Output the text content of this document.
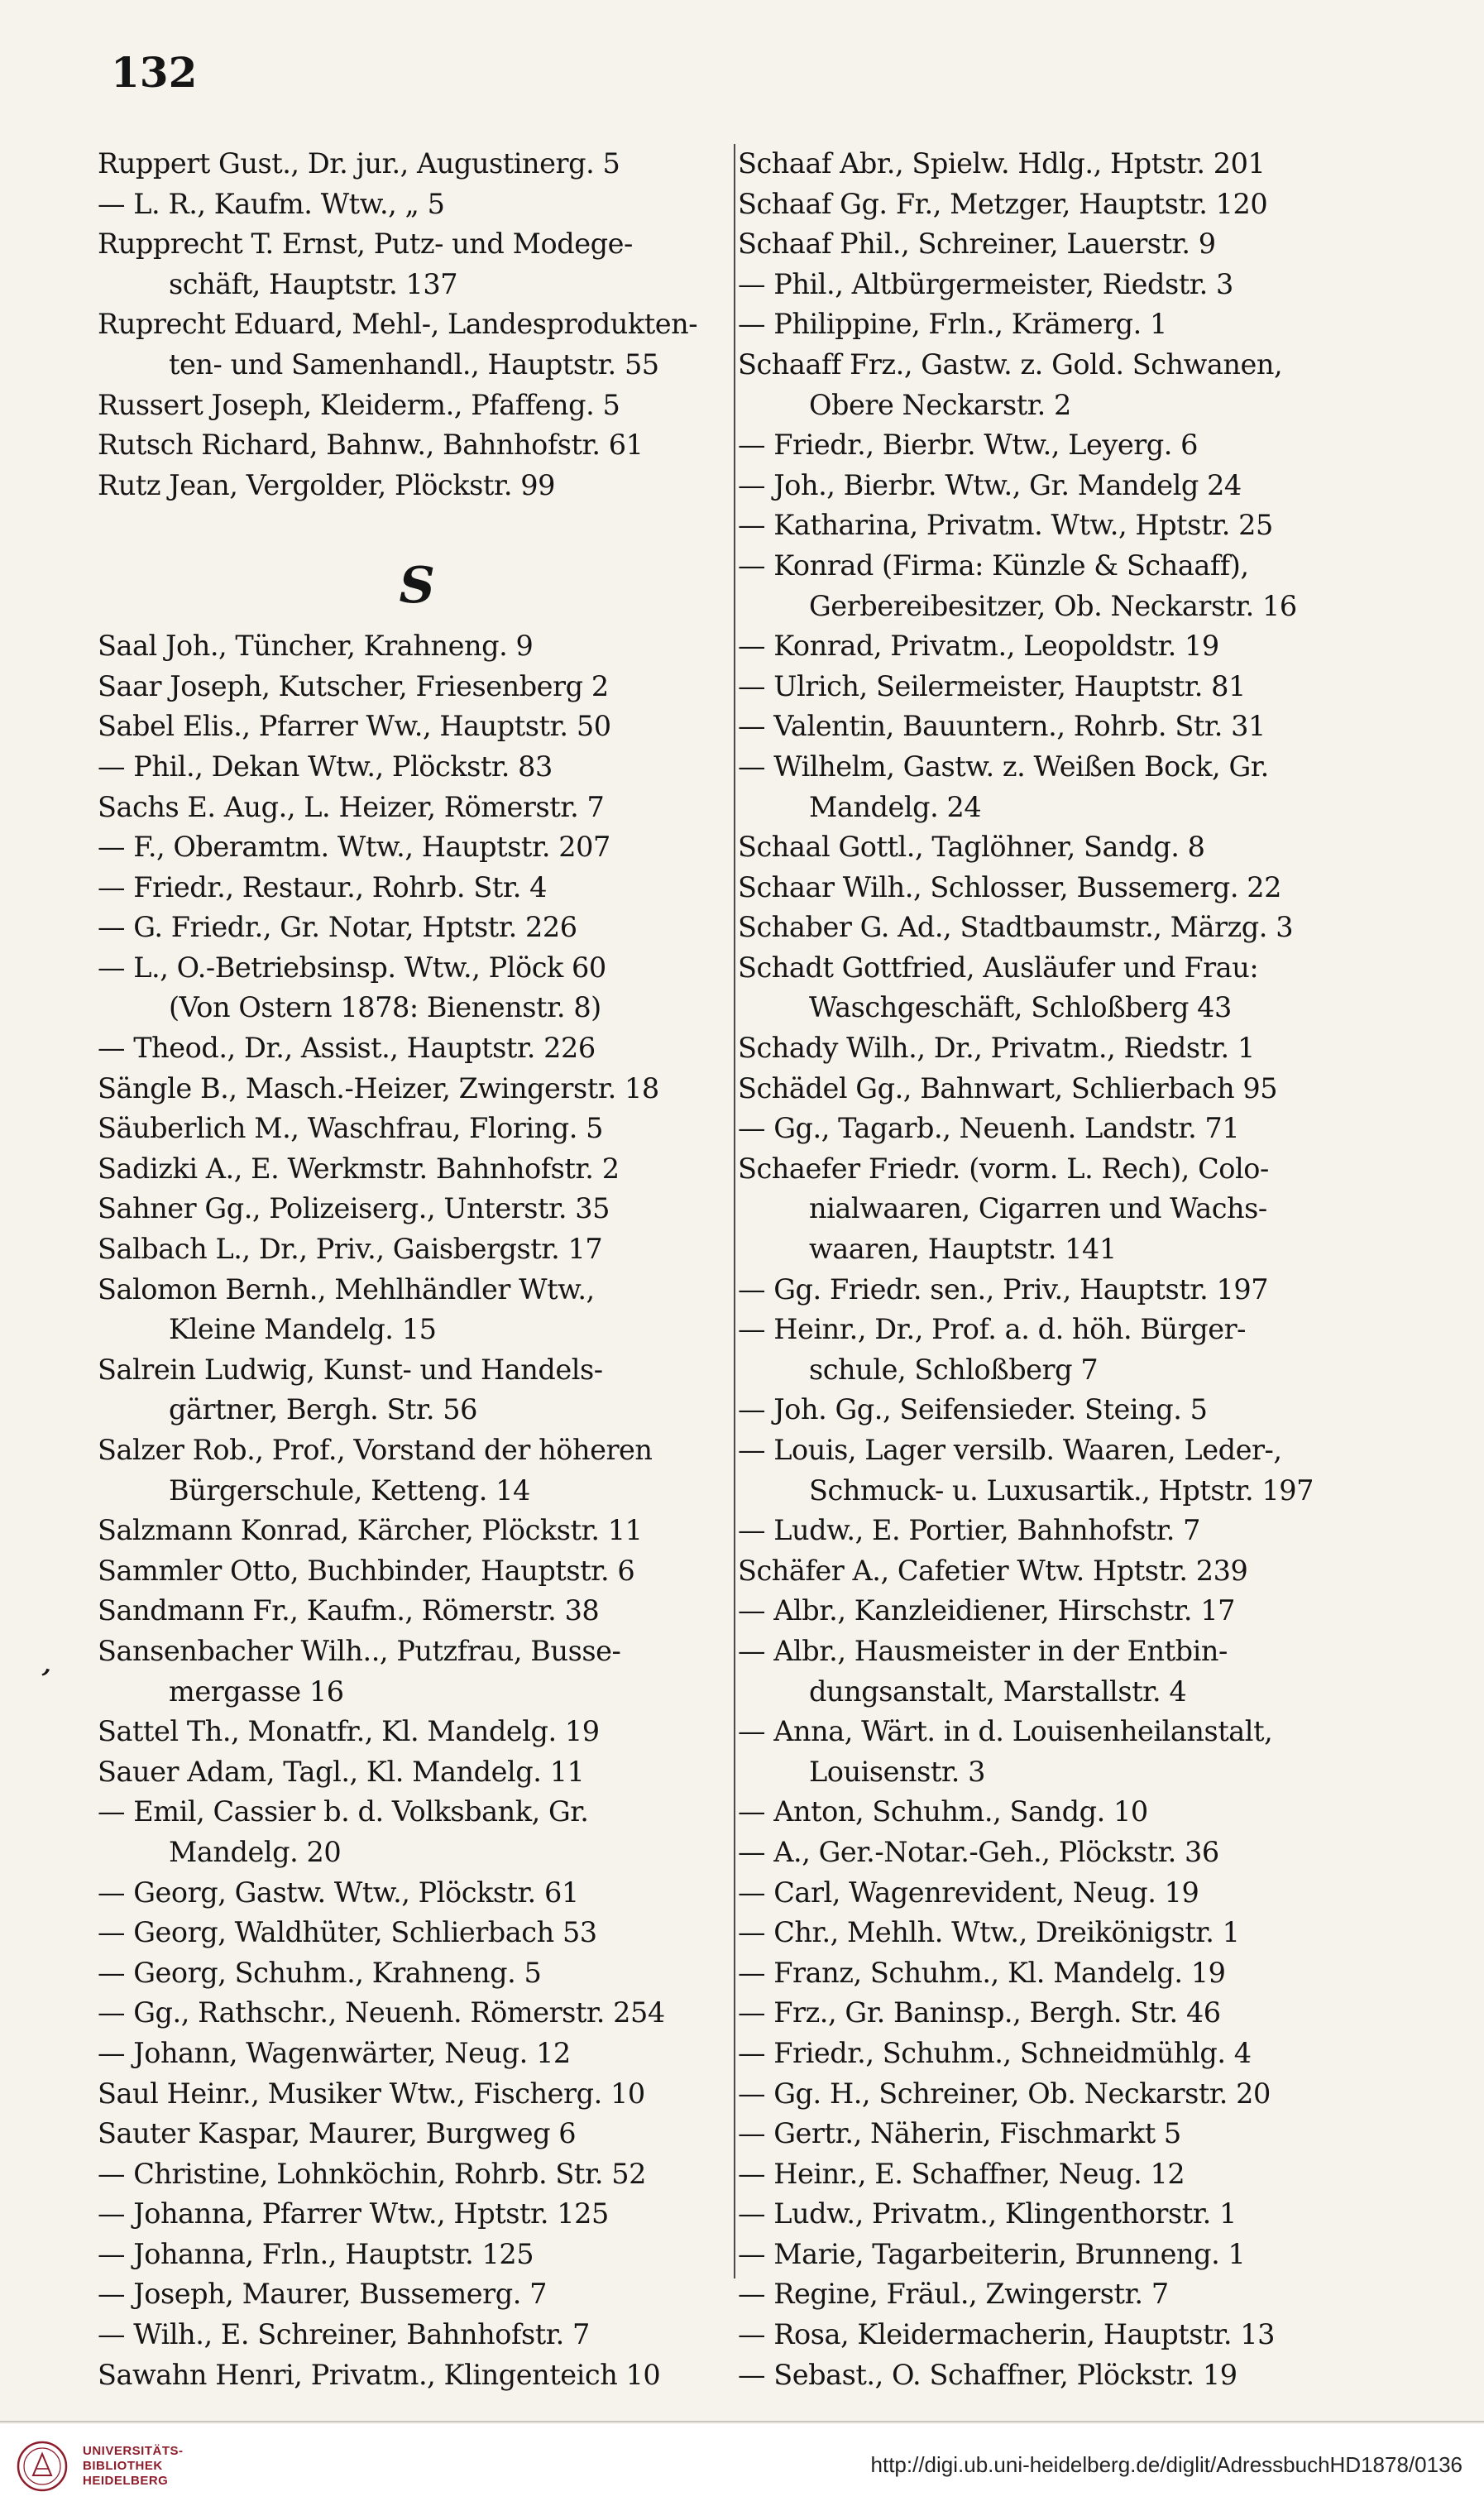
132
,
Ruppert Gust., Dr. jur., Augustinerg. 5
— L. R., Kaufm. Wtw., „ 5
Rupprecht T. Ernst, Putz- und Modege-
schäft, Hauptstr. 137
Ruprecht Eduard, Mehl-, Landesprodukten-
ten- und Samenhandl., Hauptstr. 55
Russert Joseph, Kleiderm., Pfaffeng. 5
Rutsch Richard, Bahnw., Bahnhofstr. 61
Rutz Jean, Vergolder, Plöckstr. 99
S
Saal Joh., Tüncher, Krahneng. 9
Saar Joseph, Kutscher, Friesenberg 2
Sabel Elis., Pfarrer Ww., Hauptstr. 50
— Phil., Dekan Wtw., Plöckstr. 83
Sachs E. Aug., L. Heizer, Römerstr. 7
— F., Oberamtm. Wtw., Hauptstr. 207
— Friedr., Restaur., Rohrb. Str. 4
— G. Friedr., Gr. Notar, Hptstr. 226
— L., O.-Betriebsinsp. Wtw., Plöck 60
(Von Ostern 1878: Bienenstr. 8)
— Theod., Dr., Assist., Hauptstr. 226
Sängle B., Masch.-Heizer, Zwingerstr. 18
Säuberlich M., Waschfrau, Floring. 5
Sadizki A., E. Werkmstr. Bahnhofstr. 2
Sahner Gg., Polizeiserg., Unterstr. 35
Salbach L., Dr., Priv., Gaisbergstr. 17
Salomon Bernh., Mehlhändler Wtw.,
Kleine Mandelg. 15
Salrein Ludwig, Kunst- und Handels-
gärtner, Bergh. Str. 56
Salzer Rob., Prof., Vorstand der höheren
Bürgerschule, Ketteng. 14
Salzmann Konrad, Kärcher, Plöckstr. 11
Sammler Otto, Buchbinder, Hauptstr. 6
Sandmann Fr., Kaufm., Römerstr. 38
Sansenbacher Wilh.., Putzfrau, Busse-
mergasse 16
Sattel Th., Monatfr., Kl. Mandelg. 19
Sauer Adam, Tagl., Kl. Mandelg. 11
— Emil, Cassier b. d. Volksbank, Gr.
Mandelg. 20
— Georg, Gastw. Wtw., Plöckstr. 61
— Georg, Waldhüter, Schlierbach 53
— Georg, Schuhm., Krahneng. 5
— Gg., Rathschr., Neuenh. Römerstr. 254
— Johann, Wagenwärter, Neug. 12
Saul Heinr., Musiker Wtw., Fischerg. 10
Sauter Kaspar, Maurer, Burgweg 6
— Christine, Lohnköchin, Rohrb. Str. 52
— Johanna, Pfarrer Wtw., Hptstr. 125
— Johanna, Frln., Hauptstr. 125
— Joseph, Maurer, Bussemerg. 7
— Wilh., E. Schreiner, Bahnhofstr. 7
Sawahn Henri, Privatm., Klingenteich 10
Schaaf Abr., Spielw. Hdlg., Hptstr. 201
Schaaf Gg. Fr., Metzger, Hauptstr. 120
Schaaf Phil., Schreiner, Lauerstr. 9
— Phil., Altbürgermeister, Riedstr. 3
— Philippine, Frln., Krämerg. 1
Schaaff Frz., Gastw. z. Gold. Schwanen,
Obere Neckarstr. 2
— Friedr., Bierbr. Wtw., Leyerg. 6
— Joh., Bierbr. Wtw., Gr. Mandelg 24
— Katharina, Privatm. Wtw., Hptstr. 25
— Konrad (Firma: Künzle & Schaaff),
Gerbereibesitzer, Ob. Neckarstr. 16
— Konrad, Privatm., Leopoldstr. 19
— Ulrich, Seilermeister, Hauptstr. 81
— Valentin, Bauuntern., Rohrb. Str. 31
— Wilhelm, Gastw. z. Weißen Bock, Gr.
Mandelg. 24
Schaal Gottl., Taglöhner, Sandg. 8
Schaar Wilh., Schlosser, Bussemerg. 22
Schaber G. Ad., Stadtbaumstr., Märzg. 3
Schadt Gottfried, Ausläufer und Frau:
Waschgeschäft, Schloßberg 43
Schady Wilh., Dr., Privatm., Riedstr. 1
Schädel Gg., Bahnwart, Schlierbach 95
— Gg., Tagarb., Neuenh. Landstr. 71
Schaefer Friedr. (vorm. L. Rech), Colo-
nialwaaren, Cigarren und Wachs-
waaren, Hauptstr. 141
— Gg. Friedr. sen., Priv., Hauptstr. 197
— Heinr., Dr., Prof. a. d. höh. Bürger-
schule, Schloßberg 7
— Joh. Gg., Seifensieder. Steing. 5
— Louis, Lager versilb. Waaren, Leder-,
Schmuck- u. Luxusartik., Hptstr. 197
— Ludw., E. Portier, Bahnhofstr. 7
Schäfer A., Cafetier Wtw. Hptstr. 239
— Albr., Kanzleidiener, Hirschstr. 17
— Albr., Hausmeister in der Entbin-
dungsanstalt, Marstallstr. 4
— Anna, Wärt. in d. Louisenheilanstalt,
Louisenstr. 3
— Anton, Schuhm., Sandg. 10
— A., Ger.-Notar.-Geh., Plöckstr. 36
— Carl, Wagenrevident, Neug. 19
— Chr., Mehlh. Wtw., Dreikönigstr. 1
— Franz, Schuhm., Kl. Mandelg. 19
— Frz., Gr. Baninsp., Bergh. Str. 46
— Friedr., Schuhm., Schneidmühlg. 4
— Gg. H., Schreiner, Ob. Neckarstr. 20
— Gertr., Näherin, Fischmarkt 5
— Heinr., E. Schaffner, Neug. 12
— Ludw., Privatm., Klingenthorstr. 1
— Marie, Tagarbeiterin, Brunneng. 1
— Regine, Fräul., Zwingerstr. 7
— Rosa, Kleidermacherin, Hauptstr. 13
— Sebast., O. Schaffner, Plöckstr. 19
UNIVERSITÄTS-
BIBLIOTHEK
HEIDELBERG
http://digi.ub.uni-heidelberg.de/diglit/AdressbuchHD1878/0136
